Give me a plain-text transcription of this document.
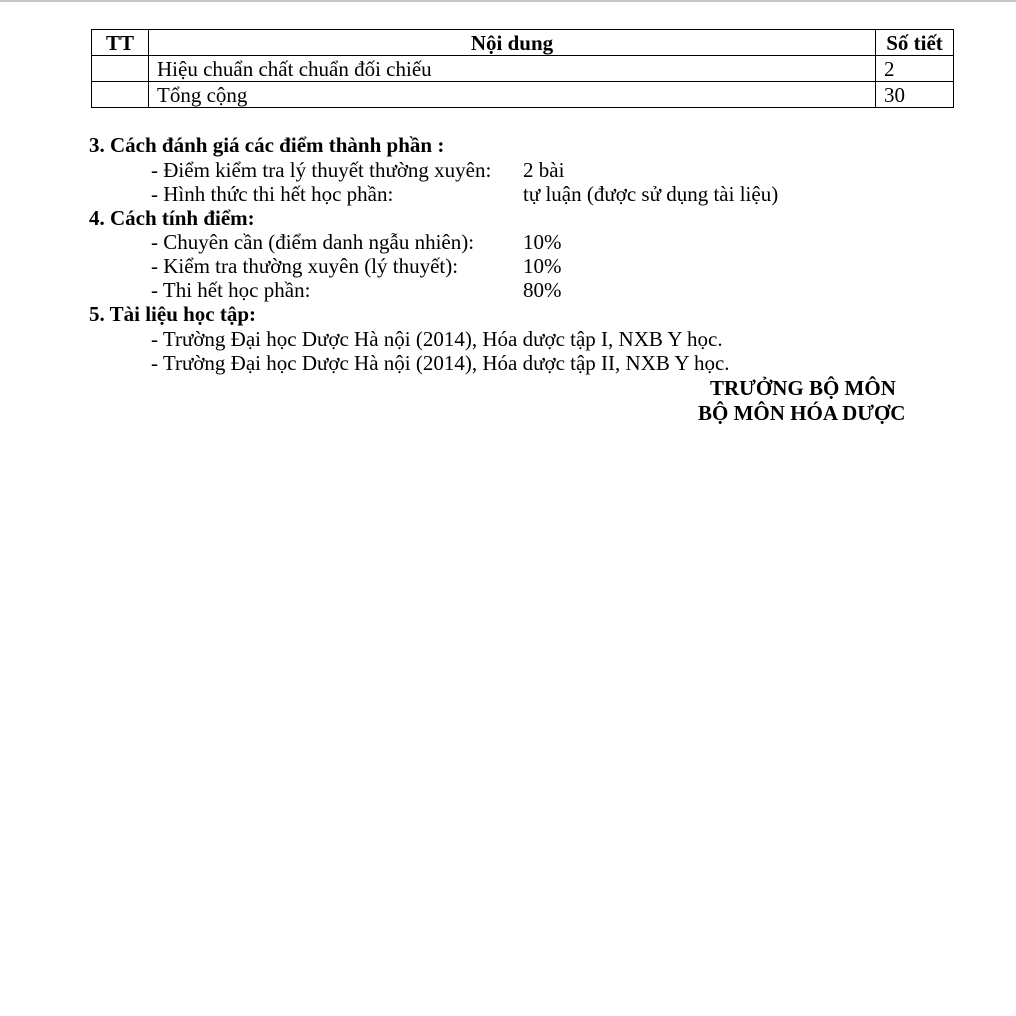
TT	Nội dung	Số tiết
	Hiệu chuẩn chất chuẩn đối chiếu	2
	Tổng cộng	30
3. Cách đánh giá các điểm thành phần :
- Điểm kiểm tra lý thuyết thường xuyên: 2 bài
- Hình thức thi hết học phần:	tự luận (được sử dụng tài liệu)
4. Cách tính điểm:
- Chuyên cần (điểm danh ngẫu nhiên): 10%
- Kiểm tra thường xuyên (lý thuyết):	10%
- Thi hết học phần:	80%
5. Tài liệu học tập:
- Trường Đại học Dược Hà nội (2014), Hóa dược tập I, NXB Y học.
- Trường Đại học Dược Hà nội (2014), Hóa dược tập II, NXB Y học.
TRƯỞNG BỘ MÔN
BỘ MÔN HÓA DƯỢC
